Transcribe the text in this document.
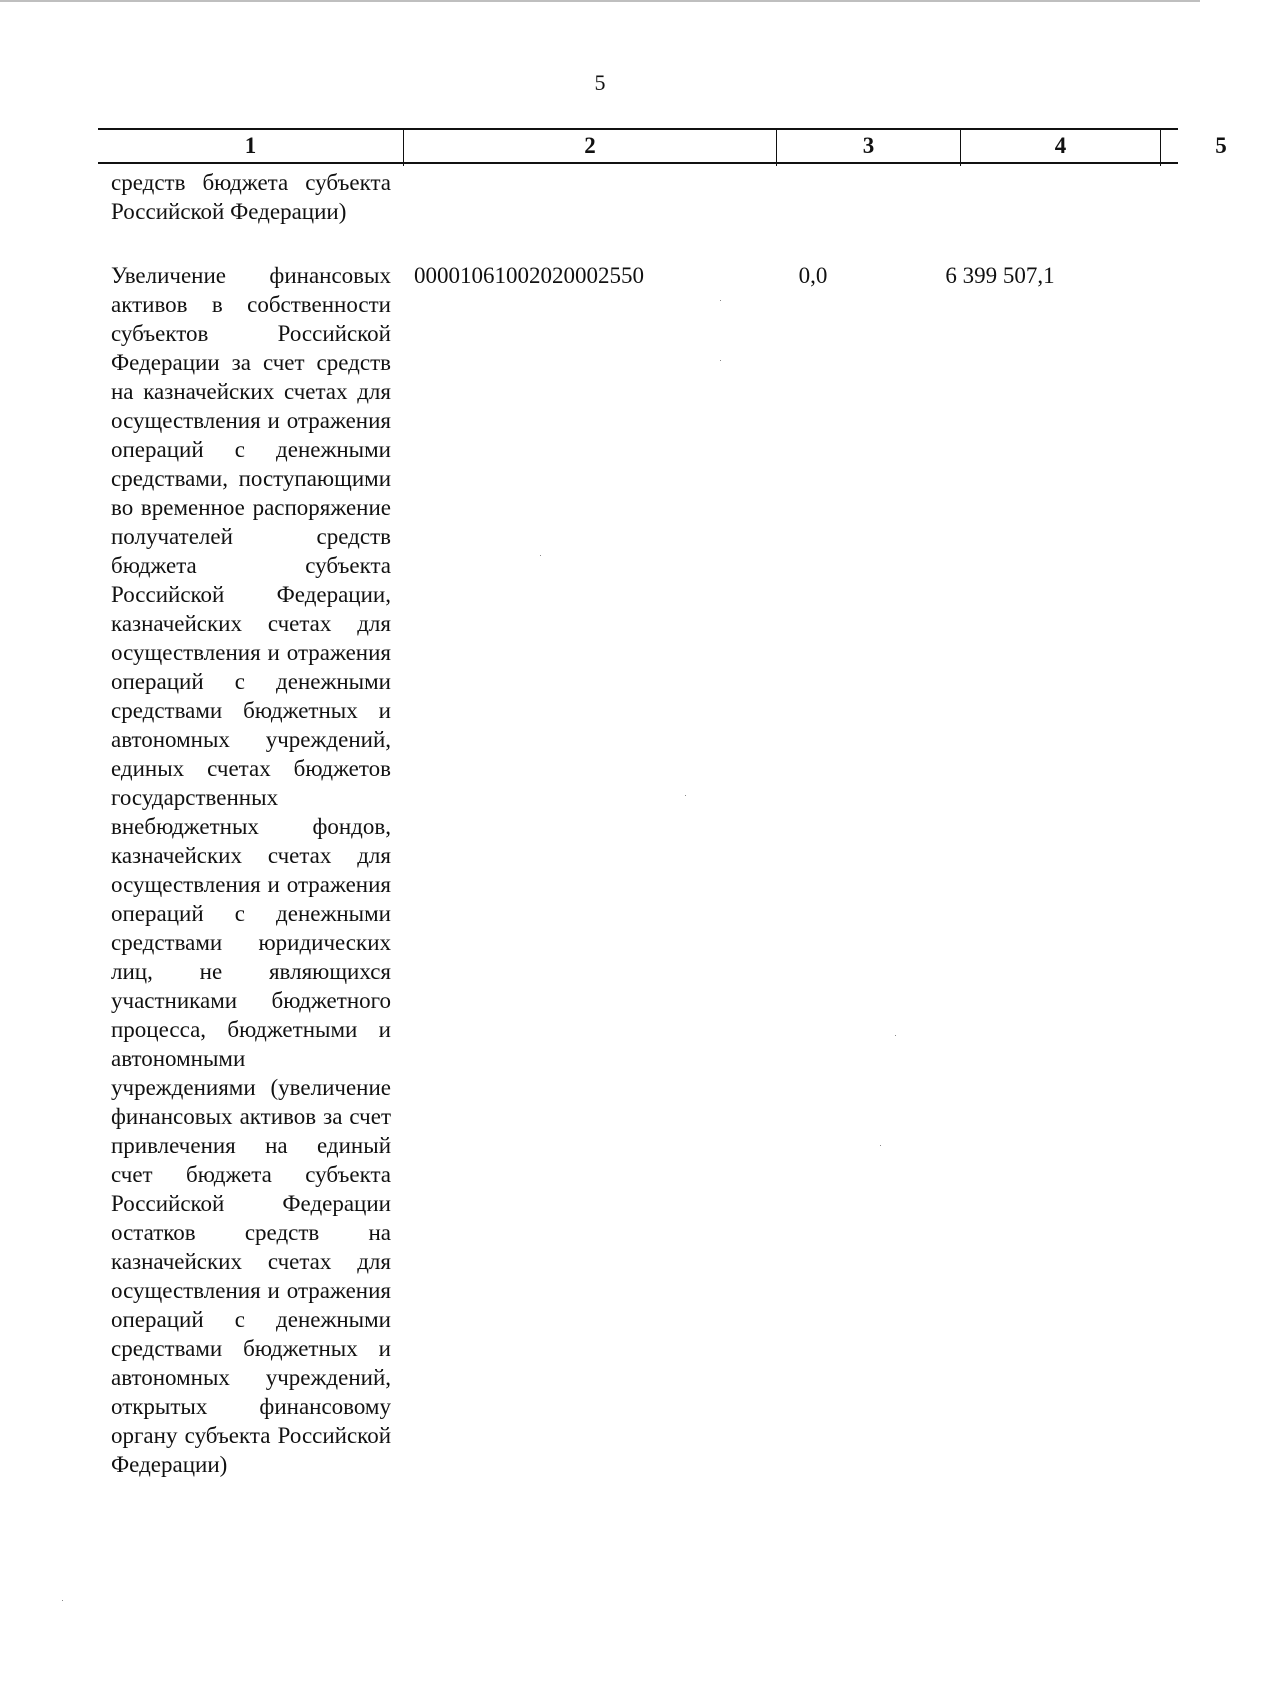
5
1	2	3	4	5
средств бюджета субъекта Российской Федерации)
Увеличение финансовых активов в собственности субъектов Российской Федерации за счет средств на казначейских счетах для осуществления и отражения операций с денежными средствами, поступающими во временное распоряжение получателей средств бюджета субъекта Российской Федерации, казначейских счетах для осуществления и отражения операций с денежными средствами бюджетных и автономных учреждений, единых счетах бюджетов государственных внебюджетных фондов, казначейских счетах для осуществления и отражения операций с денежными средствами юридических лиц, не являющихся участниками бюджетного процесса, бюджетными и автономными учреждениями (увеличение финансовых активов за счет привлечения на единый счет бюджета субъекта Российской Федерации остатков средств на казначейских счетах для осуществления и отражения операций с денежными средствами бюджетных и автономных учреждений, открытых финансовому органу субъекта Российской Федерации)
00001061002020002550	0,0	6 399 507,1
